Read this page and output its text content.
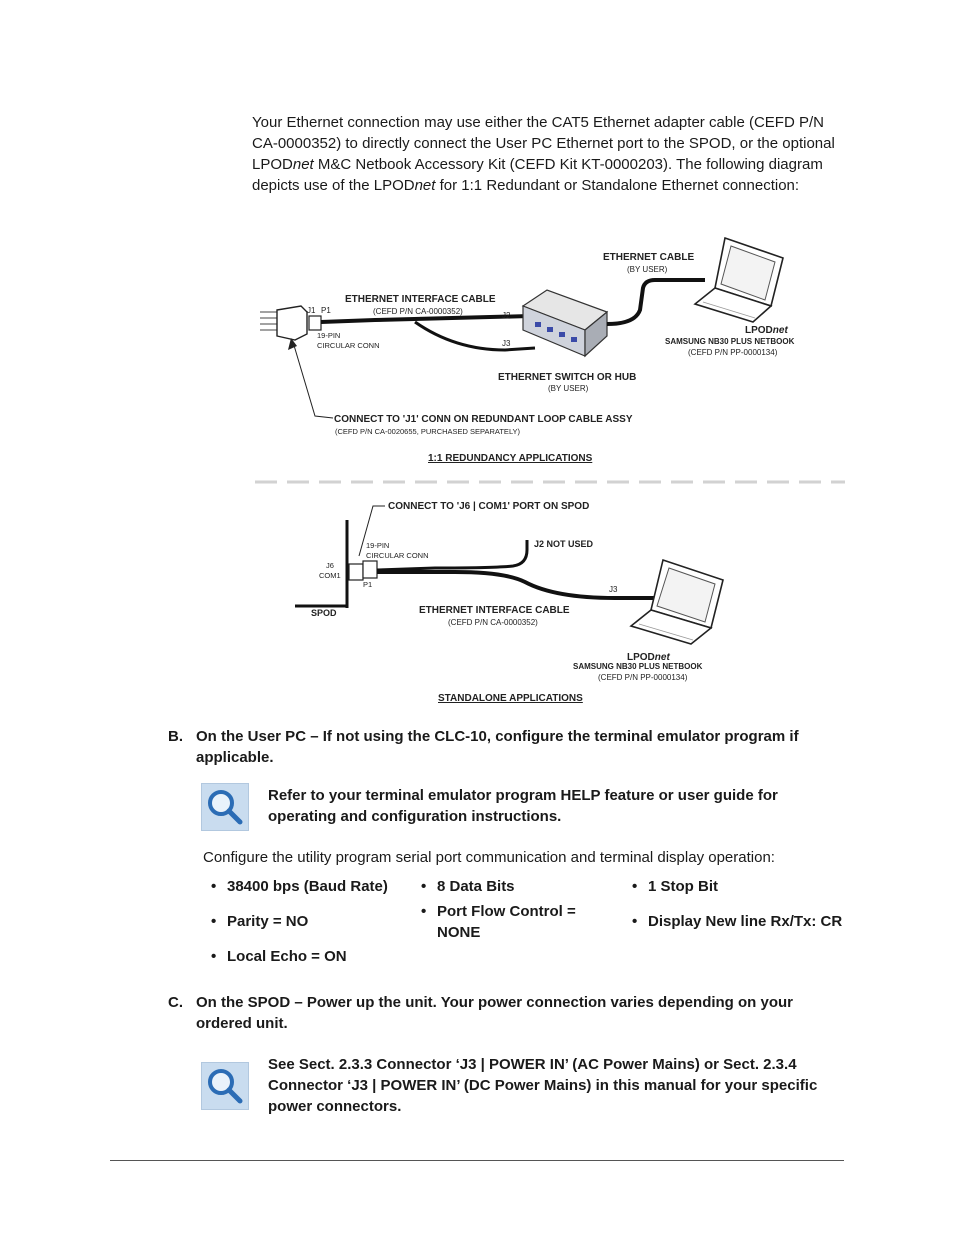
Your Ethernet connection may use either the CAT5 Ethernet adapter cable (CEFD P/N CA-0000352) to directly connect the User PC Ethernet port to the SPOD, or the optional LPODnet M&C Netbook Accessory Kit (CEFD Kit KT-0000203). The following diagram depicts use of the LPODnet for 1:1 Redundant or Standalone Ethernet connection:
J1 P1
19-PIN
CIRCULAR CONN
ETHERNET INTERFACE CABLE
(CEFD P/N CA-0000352)	J2
J3
ETHERNET SWITCH OR HUB
(BY USER)
ETHERNET CABLE
(BY USER)
LPODnet
SAMSUNG NB30 PLUS NETBOOK
(CEFD P/N PP-0000134)
CONNECT TO 'J1' CONN ON REDUNDANT LOOP CABLE ASSY
(CEFD P/N CA-0020655, PURCHASED SEPARATELY)
1:1 REDUNDANCY APPLICATIONS
CONNECT TO 'J6 | COM1' PORT ON SPOD
SPOD
J6
COM1
P1
19-PIN
CIRCULAR CONN
J2 NOT USED
J3
ETHERNET INTERFACE CABLE
(CEFD P/N CA-0000352)
LPODnet
SAMSUNG NB30 PLUS NETBOOK
(CEFD P/N PP-0000134)
STANDALONE APPLICATIONS
B. On the User PC – If not using the CLC-10, configure the terminal emulator program if applicable.
Refer to your terminal emulator program HELP feature or user guide for operating and configuration instructions.
Configure the utility program serial port communication and terminal display operation:
• 38400 bps (Baud Rate) • 8 Data Bits	• 1 Stop Bit
• Parity = NO
• Port Flow Control = NONE
• Display New line Rx/Tx: CR
• Local Echo = ON
C. On the SPOD – Power up the unit. Your power connection varies depending on your ordered unit.
See Sect. 2.3.3 Connector ‘J3 | POWER IN’ (AC Power Mains) or Sect. 2.3.4 Connector ‘J3 | POWER IN’ (DC Power Mains) in this manual for your specific power connectors.
